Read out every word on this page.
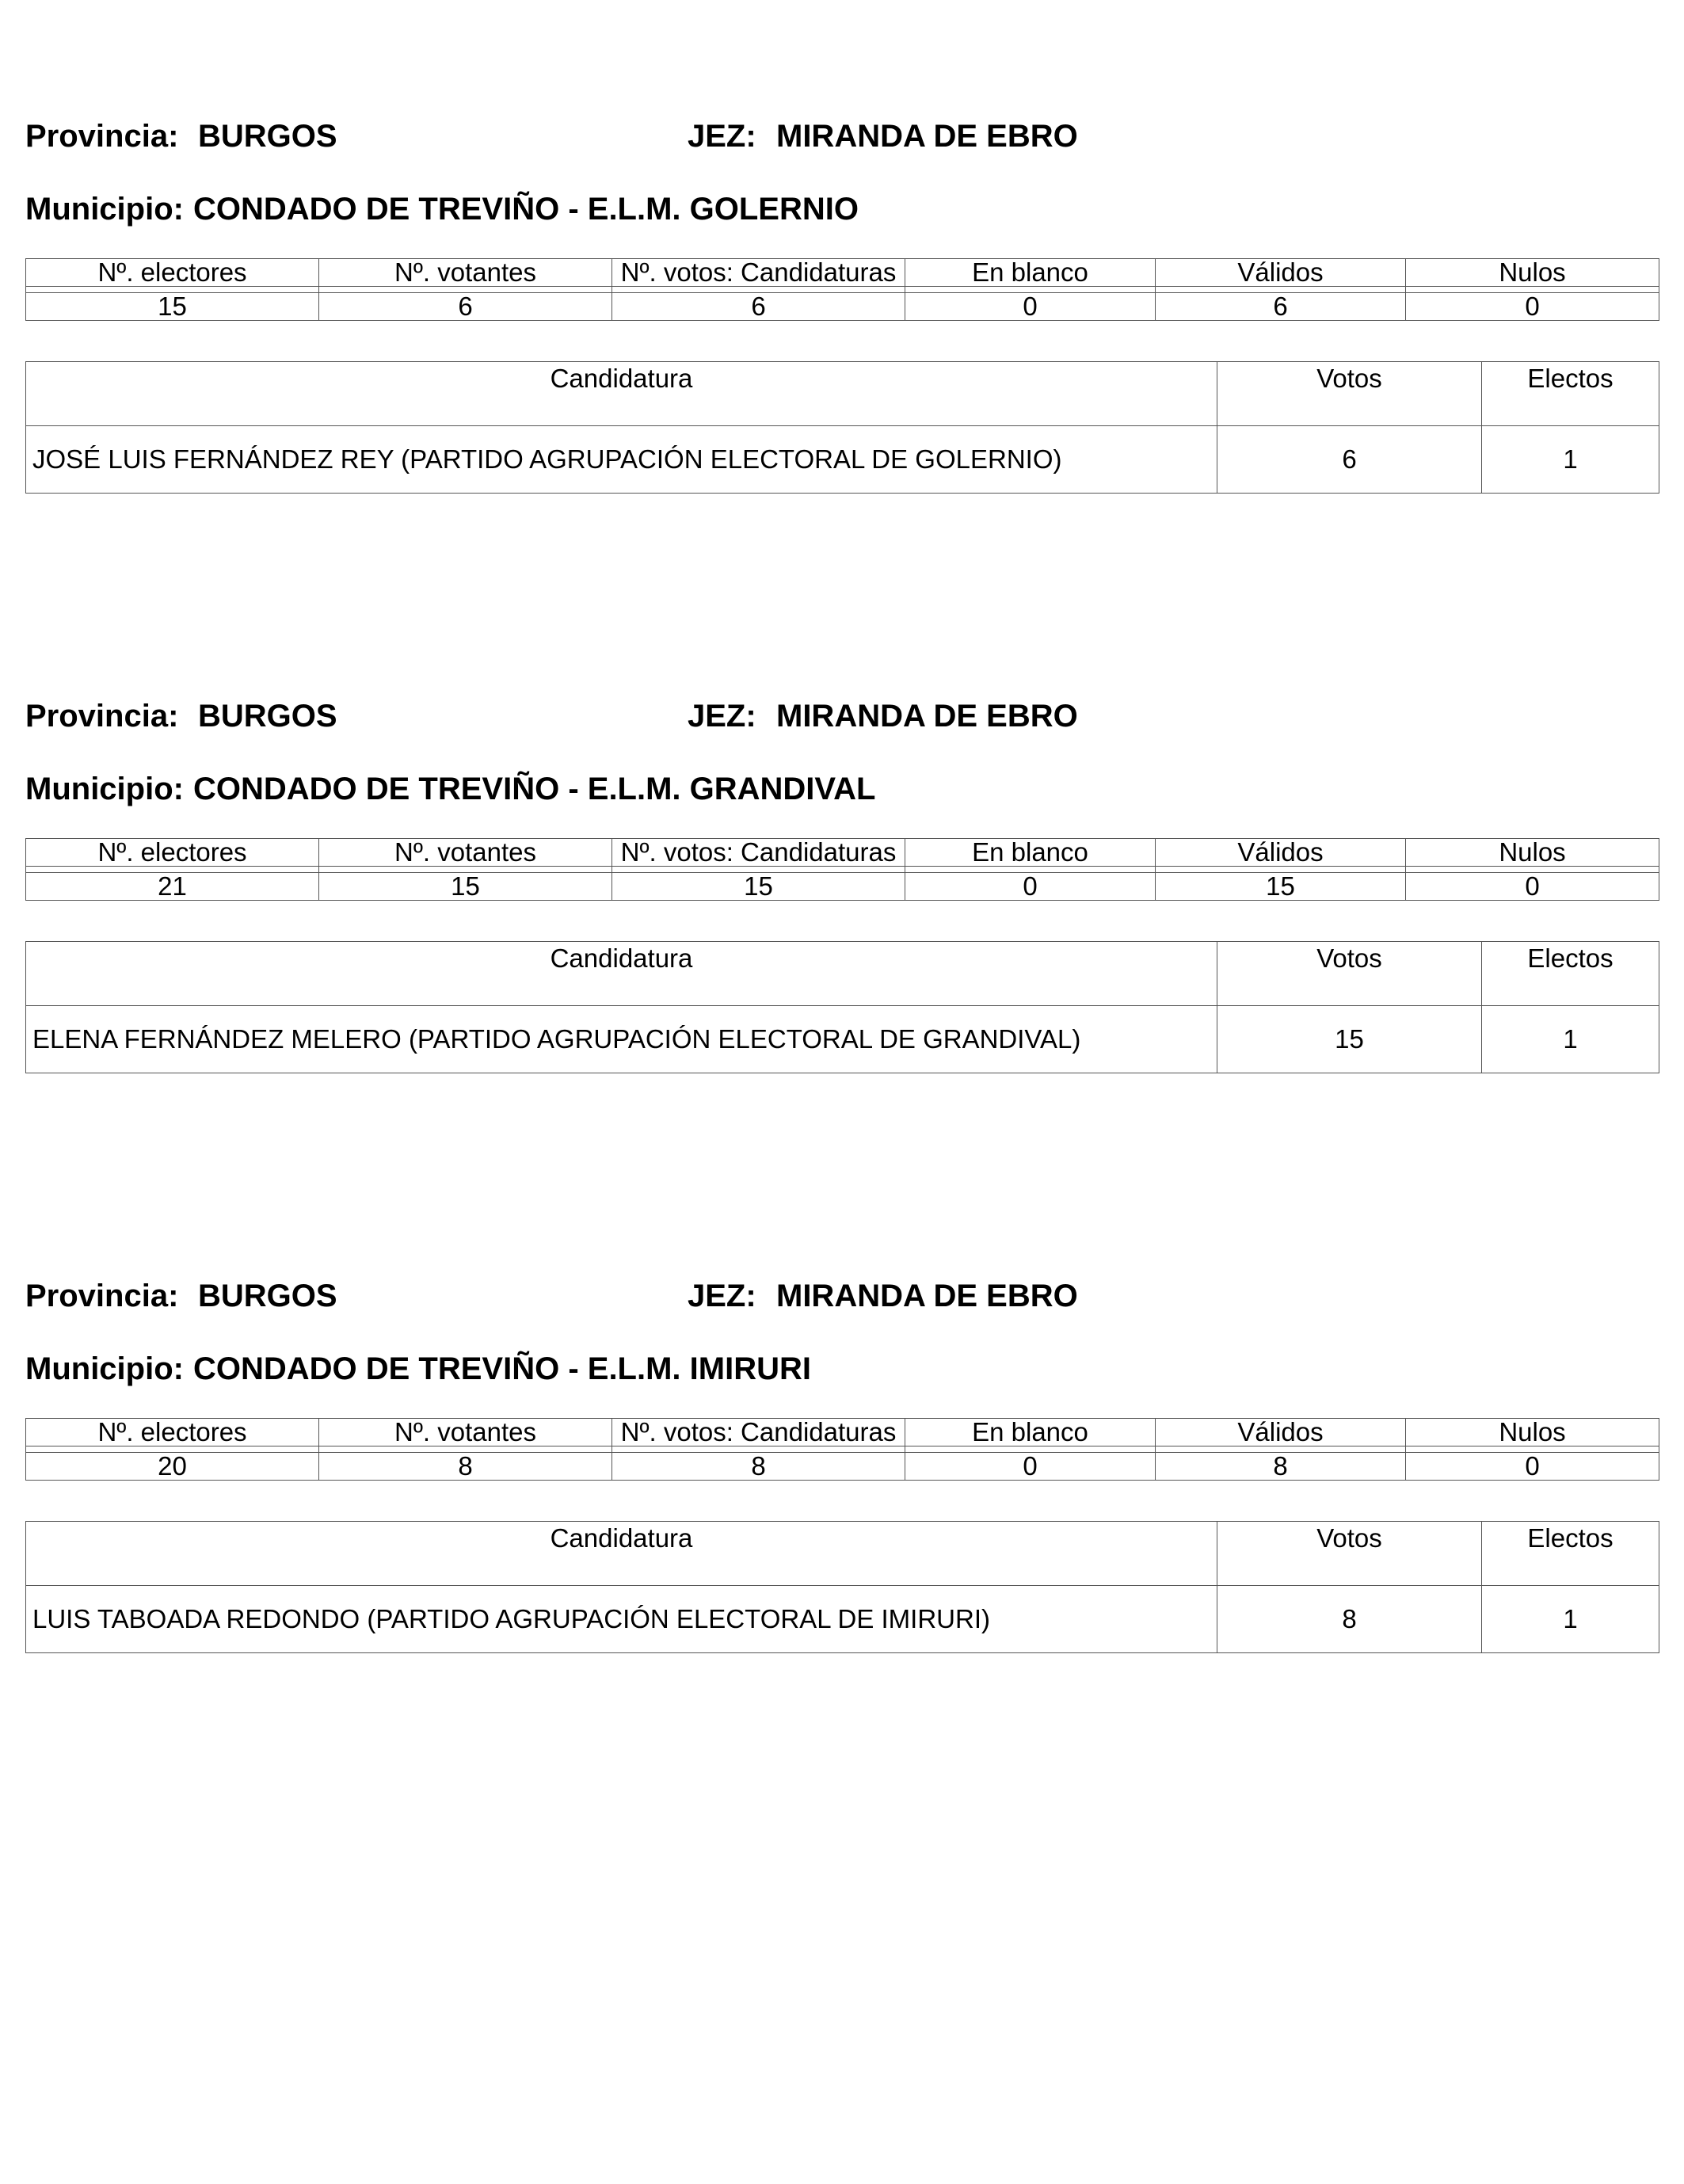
Provincia: BURGOS	JEZ: MIRANDA DE EBRO
Municipio: CONDADO DE TREVIÑO - E.L.M. GOLERNIO
Nº. electores	Nº. votantes	Nº. votos: Candidaturas	En blanco	Válidos	Nulos

15	6	6	0	6	0
Candidatura	Votos	Electos
JOSÉ LUIS FERNÁNDEZ REY (PARTIDO AGRUPACIÓN ELECTORAL DE GOLERNIO)	6	1
Provincia: BURGOS	JEZ: MIRANDA DE EBRO
Municipio: CONDADO DE TREVIÑO - E.L.M. GRANDIVAL
Nº. electores	Nº. votantes	Nº. votos: Candidaturas	En blanco	Válidos	Nulos

21	15	15	0	15	0
Candidatura	Votos	Electos
ELENA FERNÁNDEZ MELERO (PARTIDO AGRUPACIÓN ELECTORAL DE GRANDIVAL)	15	1
Provincia: BURGOS	JEZ: MIRANDA DE EBRO
Municipio: CONDADO DE TREVIÑO - E.L.M. IMIRURI
Nº. electores	Nº. votantes	Nº. votos: Candidaturas	En blanco	Válidos	Nulos

20	8	8	0	8	0
Candidatura	Votos	Electos
LUIS TABOADA REDONDO (PARTIDO AGRUPACIÓN ELECTORAL DE IMIRURI)	8	1
